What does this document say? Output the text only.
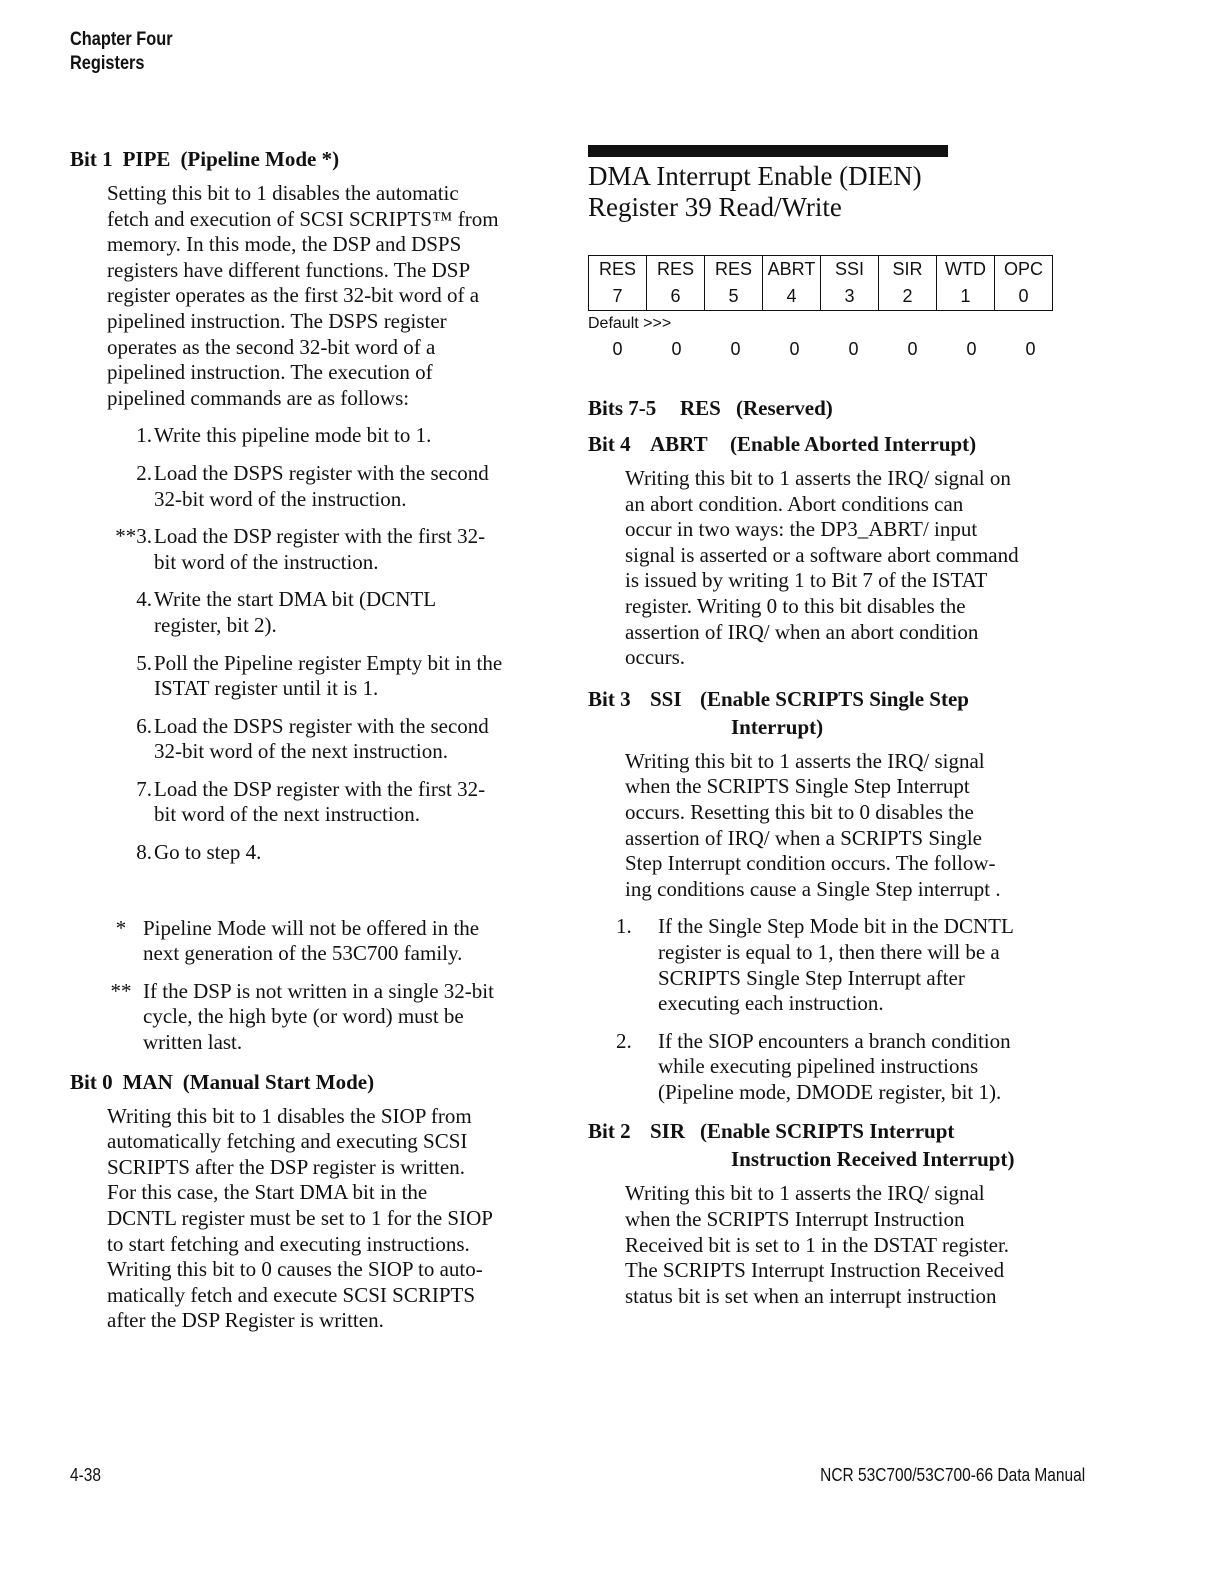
Chapter Four
Registers
Bit 1 PIPE (Pipeline Mode *)
Setting this bit to 1 disables the automatic
fetch and execution of SCSI SCRIPTS™ from
memory. In this mode, the DSP and DSPS
registers have different functions. The DSP
register operates as the first 32-bit word of a
pipelined instruction. The DSPS register
operates as the second 32-bit word of a
pipelined instruction. The execution of
pipelined commands are as follows:
1. Write this pipeline mode bit to 1.
2. Load the DSPS register with the second
32-bit word of the instruction.
**3. Load the DSP register with the first 32-
bit word of the instruction.
4. Write the start DMA bit (DCNTL
register, bit 2).
5. Poll the Pipeline register Empty bit in the
ISTAT register until it is 1.
6. Load the DSPS register with the second
32-bit word of the next instruction.
7. Load the DSP register with the first 32-
bit word of the next instruction.
8. Go to step 4.
* Pipeline Mode will not be offered in the
next generation of the 53C700 family.
** If the DSP is not written in a single 32-bit
cycle, the high byte (or word) must be
written last.
Bit 0 MAN (Manual Start Mode)
Writing this bit to 1 disables the SIOP from
automatically fetching and executing SCSI
SCRIPTS after the DSP register is written.
For this case, the Start DMA bit in the
DCNTL register must be set to 1 for the SIOP
to start fetching and executing instructions.
Writing this bit to 0 causes the SIOP to auto-
matically fetch and execute SCSI SCRIPTS
after the DSP Register is written.
DMA Interrupt Enable (DIEN)
Register 39 Read/Write
RES	RES	RES	ABRT	SSI	SIR	WTD	OPC
7	6	5	4	3	2	1	0
Default >>>
0	0	0	0	0	0	0	0
Bits 7-5	RES (Reserved)
Bit 4 ABRT	(Enable Aborted Interrupt)
Writing this bit to 1 asserts the IRQ/ signal on
an abort condition. Abort conditions can
occur in two ways: the DP3_ABRT/ input
signal is asserted or a software abort command
is issued by writing 1 to Bit 7 of the ISTAT
register. Writing 0 to this bit disables the
assertion of IRQ/ when an abort condition
occurs.
Bit 3 SSI (Enable SCRIPTS Single Step
Interrupt)
Writing this bit to 1 asserts the IRQ/ signal
when the SCRIPTS Single Step Interrupt
occurs. Resetting this bit to 0 disables the
assertion of IRQ/ when a SCRIPTS Single
Step Interrupt condition occurs. The follow-
ing conditions cause a Single Step interrupt .
1.	If the Single Step Mode bit in the DCNTL
register is equal to 1, then there will be a
SCRIPTS Single Step Interrupt after
executing each instruction.
2.	If the SIOP encounters a branch condition
while executing pipelined instructions
(Pipeline mode, DMODE register, bit 1).
Bit 2 SIR (Enable SCRIPTS Interrupt
Instruction Received Interrupt)
Writing this bit to 1 asserts the IRQ/ signal
when the SCRIPTS Interrupt Instruction
Received bit is set to 1 in the DSTAT register.
The SCRIPTS Interrupt Instruction Received
status bit is set when an interrupt instruction
4-38	NCR 53C700/53C700-66 Data Manual
